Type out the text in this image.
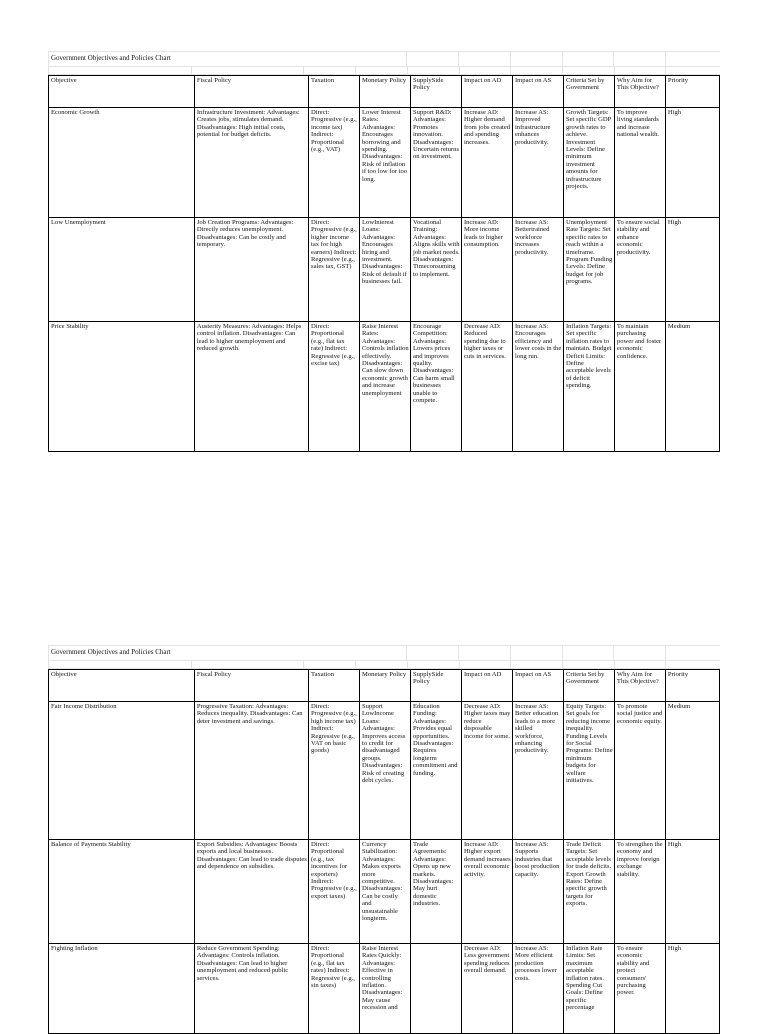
Government Objectives and Policies Chart
Objective	Fiscal Policy	Taxation	Monetary Policy	SupplySide Policy	Impact on AD	Impact on AS	Criteria Set by Government	Why Aim for This Objective?	Priority
Economic Growth	Infrastructure Investment: Advantages: Creates jobs, stimulates demand. Disadvantages: High initial costs, potential for budget deficits.	Direct: Progressive (e.g., income tax) Indirect: Proportional (e.g., VAT)	Lower Interest Rates: Advantages: Encourages borrowing and spending. Disadvantages: Risk of inflation if too low for too long.	Support R&D: Advantages: Promotes innovation. Disadvantages: Uncertain returns on investment.	Increase AD: Higher demand from jobs created and spending increases.	Increase AS: Improved infrastructure enhances productivity.	Growth Targets: Set specific GDP growth rates to achieve. Investment Levels: Define minimum investment amounts for infrastructure projects.	To improve living standards and increase national wealth.	High
Low Unemployment	Job Creation Programs: Advantages: Directly reduces unemployment. Disadvantages: Can be costly and temporary.	Direct: Progressive (e.g., higher income tax for high earners) Indirect: Regressive (e.g., sales tax, GST)	LowInterest Loans: Advantages: Encourages hiring and investment. Disadvantages: Risk of default if businesses fail.	Vocational Training: Advantages: Aligns skills with job market needs. Disadvantages: Timeconsuming to implement.	Increase AD: More income leads to higher consumption.	Increase AS: Bettertrained workforce increases productivity.	Unemployment Rate Targets: Set specific rates to reach within a timeframe. Program Funding Levels: Define budget for job programs.	To ensure social stability and enhance economic productivity.	High
Price Stability	Austerity Measures: Advantages: Helps control inflation. Disadvantages: Can lead to higher unemployment and reduced growth.	Direct: Proportional (e.g., flat tax rate) Indirect: Regressive (e.g., excise tax)	Raise Interest Rates: Advantages: Controls inflation effectively. Disadvantages: Can slow down economic growth and increase unemployment	Encourage Competition: Advantages: Lowers prices and improves quality. Disadvantages: Can harm small businesses unable to compete.	Decrease AD: Reduced spending due to higher taxes or cuts in services.	Increase AS: Encourages efficiency and lower costs in the long run.	Inflation Targets: Set specific inflation rates to maintain. Budget Deficit Limits: Define acceptable levels of deficit spending.	To maintain purchasing power and foster economic confidence.	Medium
Government Objectives and Policies Chart
Objective	Fiscal Policy	Taxation	Monetary Policy	SupplySide Policy	Impact on AD	Impact on AS	Criteria Set by Government	Why Aim for This Objective?	Priority
Fair Income Distribution	Progressive Taxation: Advantages: Reduces inequality. Disadvantages: Can deter investment and savings.	Direct: Progressive (e.g., high income tax) Indirect: Regressive (e.g., VAT on basic goods)	Support LowIncome Loans: Advantages: Improves access to credit for disadvantaged groups. Disadvantages: Risk of creating debt cycles.	Education Funding: Advantages: Provides equal opportunities. Disadvantages: Requires longterm commitment and funding.	Decrease AD: Higher taxes may reduce disposable income for some.	Increase AS: Better education leads to a more skilled workforce, enhancing productivity.	Equity Targets: Set goals for reducing income inequality. Funding Levels for Social Programs: Define minimum budgets for welfare initiatives.	To promote social justice and economic equity.	Medium
Balance of Payments Stability	Export Subsidies: Advantages: Boosts exports and local businesses. Disadvantages: Can lead to trade disputes and dependence on subsidies.	Direct: Proportional (e.g., tax incentives for exporters) Indirect: Progressive (e.g., export taxes)	Currency Stabilization: Advantages: Makes exports more competitive. Disadvantages: Can be costly and unsustainable longterm.	Trade Agreements: Advantages: Opens up new markets. Disadvantages: May hurt domestic industries.	Increase AD: Higher export demand increases overall economic activity.	Increase AS: Supports industries that boost production capacity.	Trade Deficit Targets: Set acceptable levels for trade deficits. Export Growth Rates: Define specific growth targets for exports.	To strengthen the economy and improve foreign exchange stability.	High
Fighting Inflation	Reduce Government Spending: Advantages: Controls inflation. Disadvantages: Can lead to higher unemployment and reduced public services.	Direct: Proportional (e.g., flat tax rates) Indirect: Regressive (e.g., sin taxes)	Raise Interest Rates Quickly: Advantages: Effective in controlling inflation. Disadvantages: May cause recession and		Decrease AD: Less government spending reduces overall demand.	Increase AS: More efficient production processes lower costs.	Inflation Rate Limits: Set maximum acceptable inflation rates. Spending Cut Goals: Define specific percentage	To ensure economic stability and protect consumers' purchasing power.	High
